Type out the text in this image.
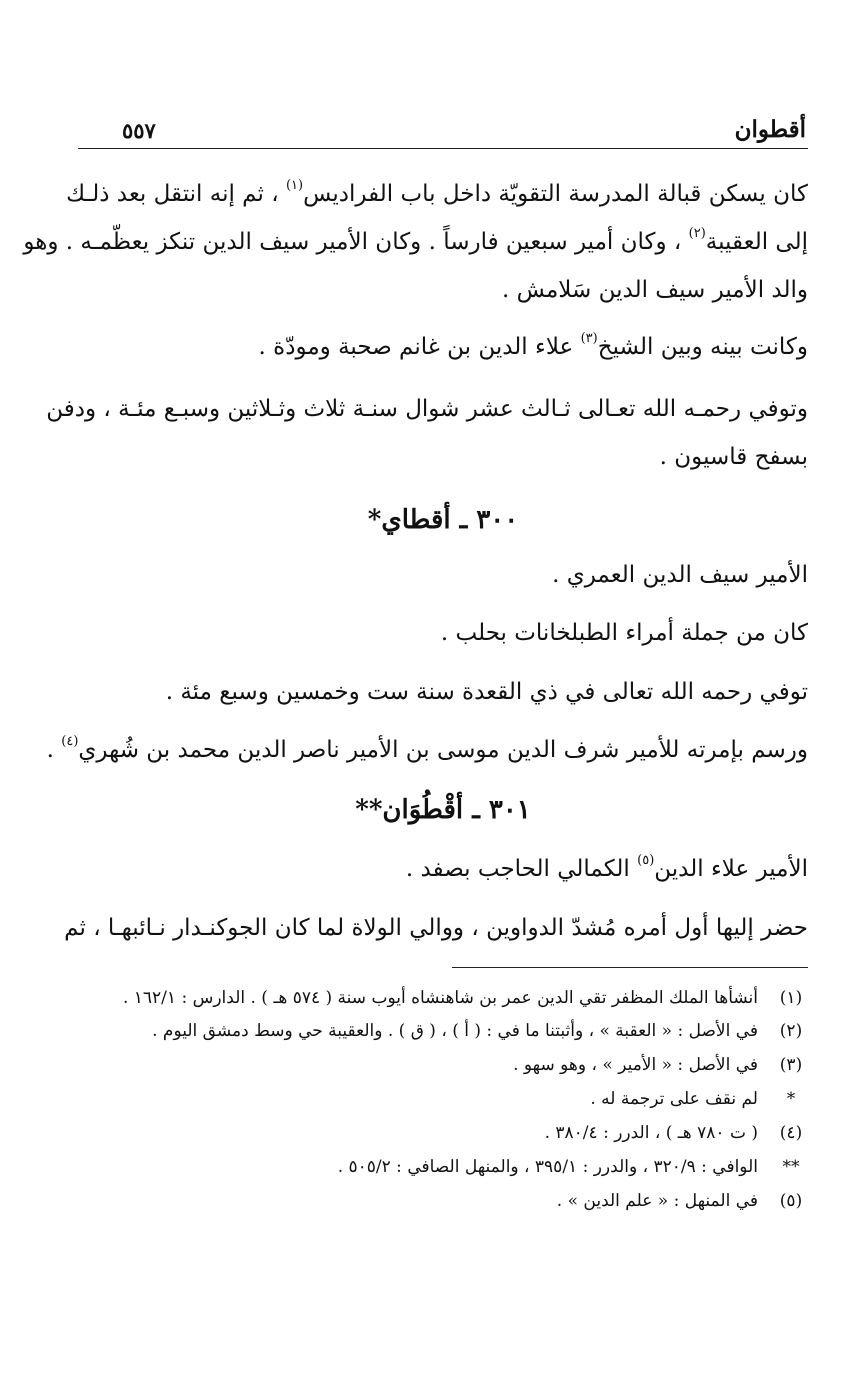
أقطوان
٥٥٧
كان يسكن قبالة المدرسة التقويّة داخل باب الفراديس$^{(١)}$ ، ثم إنه انتقل بعد ذلـك
إلى العقيبة$^{(٢)}$ ، وكان أمير سبعين فارساً . وكان الأمير سيف الدين تنكز يعظّمـه . وهو
والد الأمير سيف الدين سَلامش .
وكانت بينه وبين الشيخ$^{(٣)}$ علاء الدين بن غانم صحبة ومودّة .
وتوفي رحمـه الله تعـالى ثـالث عشر شوال سنـة ثلاث وثـلاثين وسبـع مئـة ، ودفن
بسفح قاسيون .
٣٠٠ ـ أقطاي*
الأمير سيف الدين العمري .
كان من جملة أمراء الطبلخانات بحلب .
توفي رحمه الله تعالى في ذي القعدة سنة ست وخمسين وسبع مئة .
ورسم بإمرته للأمير شرف الدين موسى بن الأمير ناصر الدين محمد بن شُهري$^{(٤)}$ .
٣٠١ ـ أقْطُوَان**
الأمير علاء الدين$^{(٥)}$ الكمالي الحاجب بصفد .
حضر إليها أول أمره مُشدّ الدواوين ، ووالي الولاة لما كان الجوكنـدار نـائبهـا ، ثم
(١)
أنشأها الملك المظفر تقي الدين عمر بن شاهنشاه أيوب سنة ( ٥٧٤ هـ ) . الدارس : ١٦٢/١ .
(٢)
في الأصل : « العقبة » ، وأثبتنا ما في : ( أ ) ، ( ق ) . والعقيبة حي وسط دمشق اليوم .
(٣)
في الأصل : « الأمير » ، وهو سهو .
*
لم نقف على ترجمة له .
(٤)
( ت ٧٨٠ هـ ) ، الدرر : ٣٨٠/٤ .
**
الوافي : ٣٢٠/٩ ، والدرر : ٣٩٥/١ ، والمنهل الصافي : ٥٠٥/٢ .
(٥)
في المنهل : « علم الدين » .
